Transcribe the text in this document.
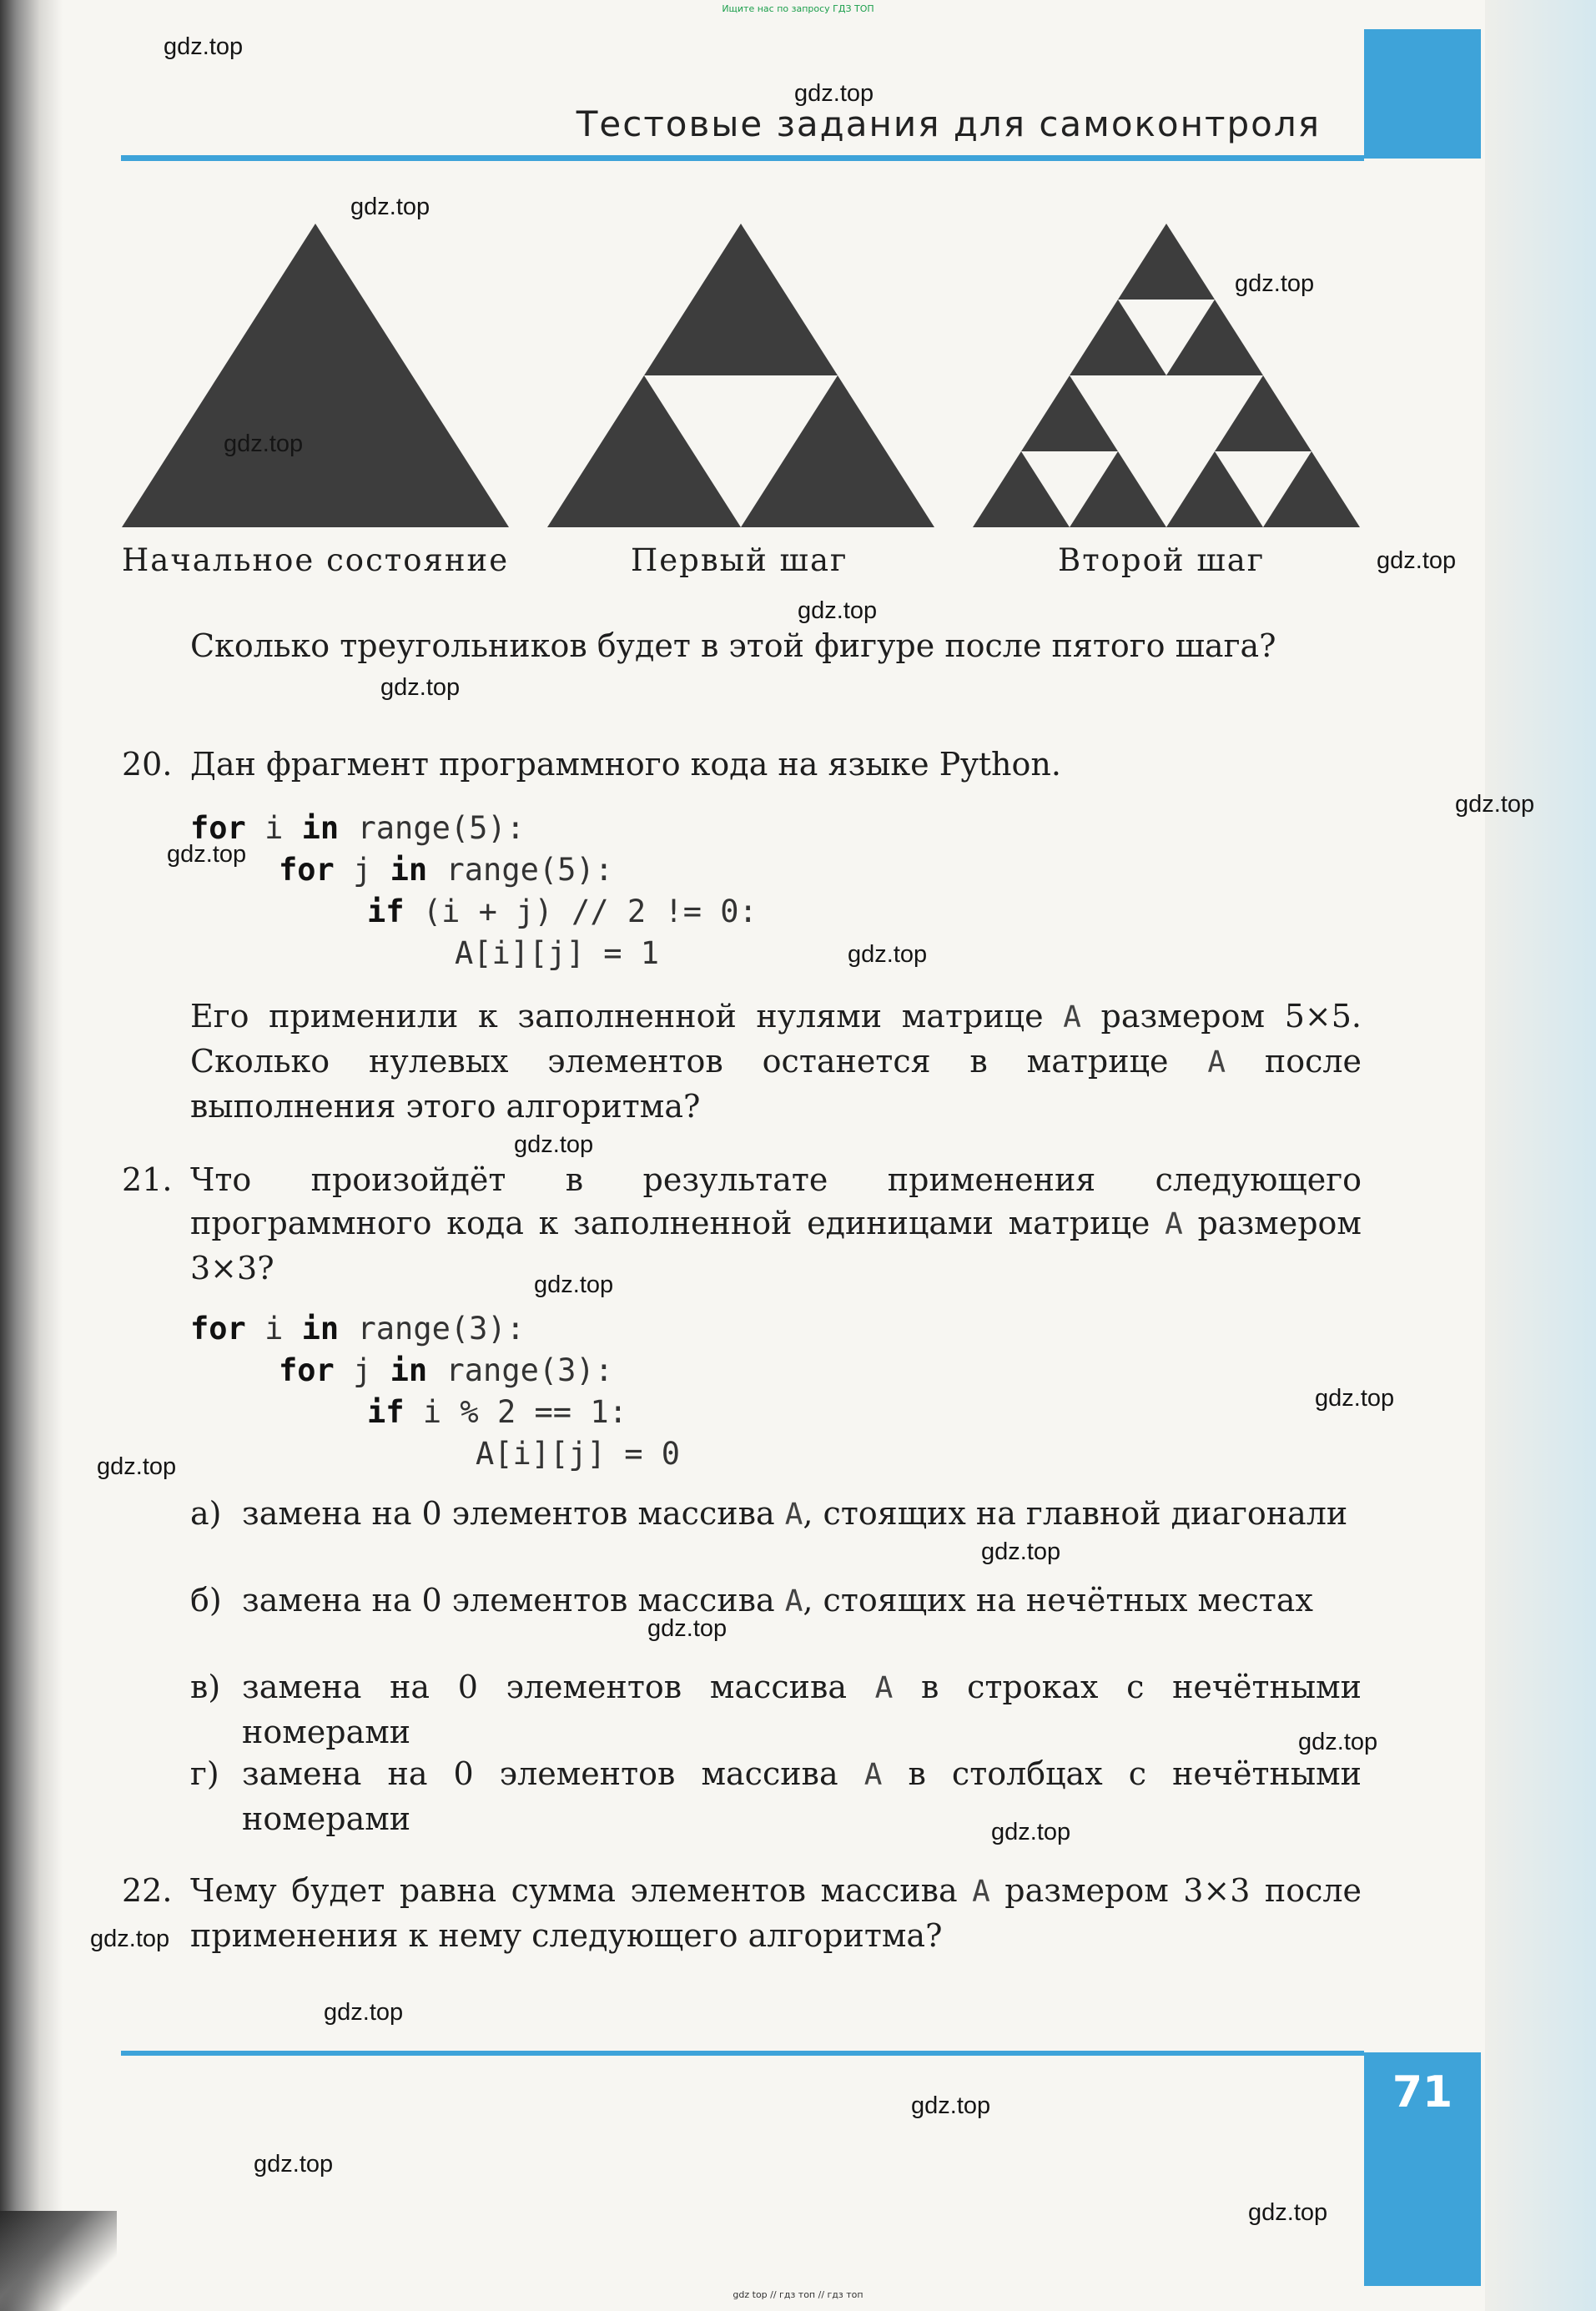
Ищите нас по запросу ГДЗ ТОП
gdz top // гдз топ // гдз топ
Тестовые задания для самоконтроля
71
Начальное состояние	Первый шаг	Второй шаг
Сколько треугольников будет в этой фигуре после пятого шага?
20. Дан фрагмент программного кода на языке Python.
for i in range(5):
for j in range(5):
if (i + j) // 2 != 0:
A[i][j] = 1
Его применили к заполненной нулями матрице A размером 5×5. Сколько нулевых элементов останется в матрице A после выполнения этого алгоритма?
21. Что произойдёт в результате применения следующего программного кода к заполненной единицами матрице A размером 3×3?
for i in range(3):
for j in range(3):
if i % 2 == 1:
A[i][j] = 0
а) замена на 0 элементов массива A, стоящих на главной диагонали
б) замена на 0 элементов массива A, стоящих на нечётных местах
в) замена на 0 элементов массива A в строках с нечётными номерами
г) замена на 0 элементов массива A в столбцах с нечётными номерами
22. Чему будет равна сумма элементов массива A размером 3×3 после применения к нему следующего алгоритма?
gdz.top
gdz.top
gdz.top
gdz.top
gdz.top
gdz.top
gdz.top
gdz.top
gdz.top
gdz.top
gdz.top
gdz.top
gdz.top
gdz.top
gdz.top
gdz.top
gdz.top
gdz.top
gdz.top
gdz.top
gdz.top
gdz.top
gdz.top
gdz.top
